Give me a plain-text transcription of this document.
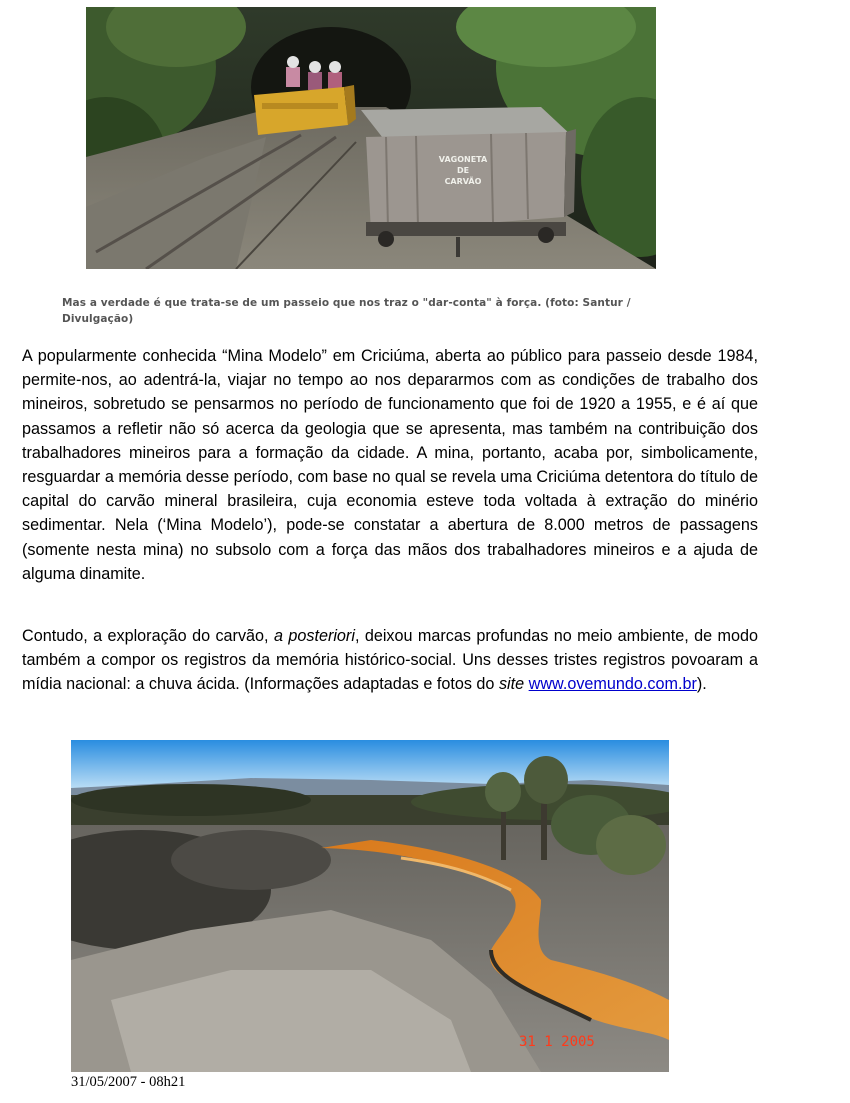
VAGONETA
DE
CARVÃO
Mas a verdade é que trata-se de um passeio que nos traz o "dar-conta" à força. (foto: Santur / Divulgação)

A popularmente conhecida “Mina Modelo” em Criciúma, aberta ao público para passeio desde 1984, permite-nos, ao adentrá-la, viajar no tempo ao nos depararmos com as condições de trabalho dos mineiros, sobretudo se pensarmos no período de funcionamento que foi de 1920 a 1955, e é aí que passamos a refletir não só acerca da geologia que se apresenta, mas também na contribuição dos trabalhadores mineiros para a formação da cidade. A mina, portanto, acaba por, simbolicamente, resguardar a memória desse período, com base no qual se revela uma Criciúma detentora do título de capital do carvão mineral brasileira, cuja economia esteve toda voltada à extração do minério sedimentar. Nela (‘Mina Modelo’), pode-se constatar a abertura de 8.000 metros de passagens (somente nesta mina) no subsolo com a força das mãos dos trabalhadores mineiros e a ajuda de alguma dinamite.

Contudo, a exploração do carvão, a posteriori, deixou marcas profundas no meio ambiente, de modo também a compor os registros da memória histórico-social. Uns desses tristes registros povoaram a mídia nacional: a chuva ácida. (Informações adaptadas e fotos do site www.ovemundo.com.br).

31 1 2005
31/05/2007 - 08h21
